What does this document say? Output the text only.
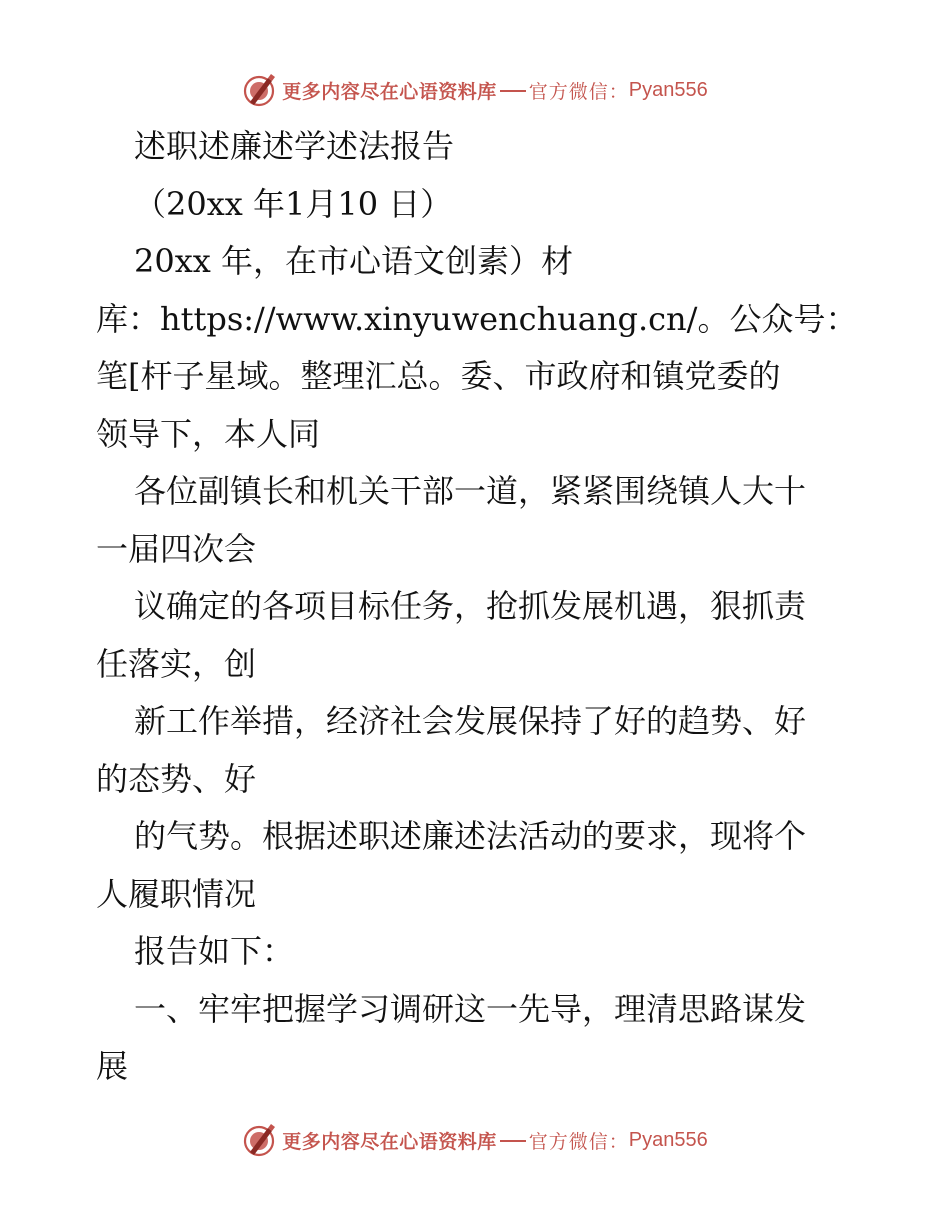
更多内容尽在心语资料库 官方微信： Pyan556
述职述廉述学述法报告
（20xx 年1月10 日）
20xx 年，在市心语文创素）材
库：https://www.xinyuwenchuang.cn/。公众号：
笔[杆子星域。整理汇总。委、市政府和镇党委的
领导下，本人同
各位副镇长和机关干部一道，紧紧围绕镇人大十
一届四次会
议确定的各项目标任务，抢抓发展机遇，狠抓责
任落实，创
新工作举措，经济社会发展保持了好的趋势、好
的态势、好
的气势。根据述职述廉述法活动的要求，现将个
人履职情况
报告如下：
一、牢牢把握学习调研这一先导，理清思路谋发
展
更多内容尽在心语资料库 官方微信： Pyan556
